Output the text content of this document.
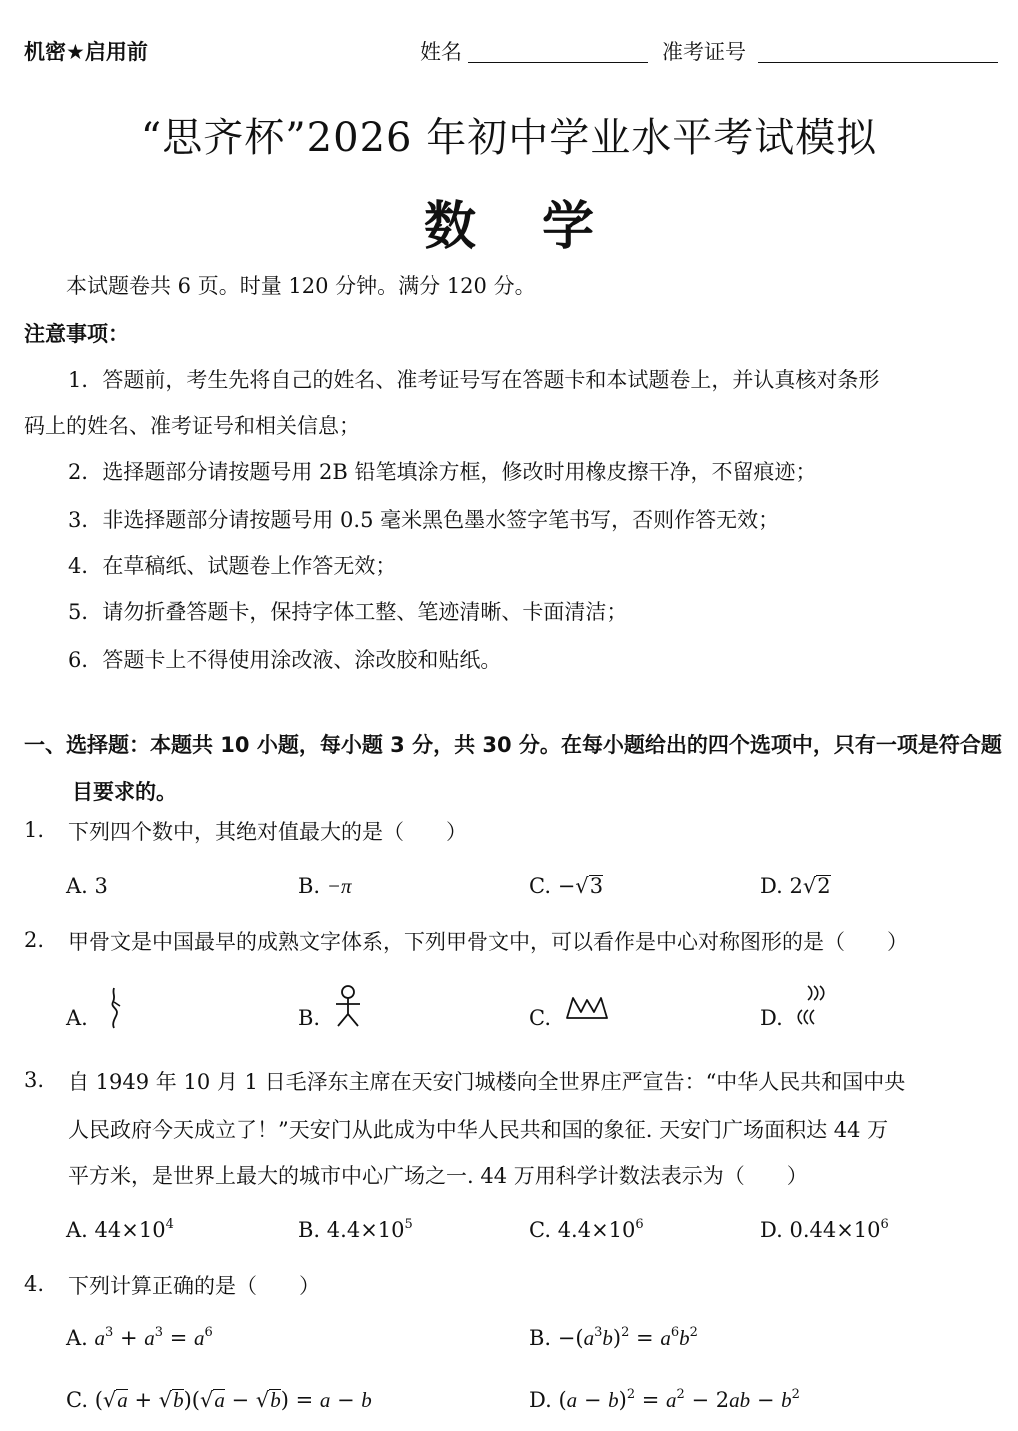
机密★启用前	姓名	准考证号
“思齐杯”2026 年初中学业水平考试模拟
数学
本试题卷共 6 页。时量 120 分钟。满分 120 分。
注意事项：
1．答题前，考生先将自己的姓名、准考证号写在答题卡和本试题卷上，并认真核对条形
码上的姓名、准考证号和相关信息；
2．选择题部分请按题号用 2B 铅笔填涂方框，修改时用橡皮擦干净，不留痕迹；
3．非选择题部分请按题号用 0.5 毫米黑色墨水签字笔书写，否则作答无效；
4．在草稿纸、试题卷上作答无效；
5．请勿折叠答题卡，保持字体工整、笔迹清晰、卡面清洁；
6．答题卡上不得使用涂改液、涂改胶和贴纸。
一、选择题：本题共 10 小题，每小题 3 分，共 30 分。在每小题给出的四个选项中，只有一项是符合题目要求的。
1. 下列四个数中，其绝对值最大的是（　　）
A. 3	B. −π	C. −√3	D. 2√2
2. 甲骨文是中国最早的成熟文字体系，下列甲骨文中，可以看作是中心对称图形的是（　　）
A.	B.	C.	D.
3. 自 1949 年 10 月 1 日毛泽东主席在天安门城楼向全世界庄严宣告：“中华人民共和国中央
人民政府今天成立了！”天安门从此成为中华人民共和国的象征. 天安门广场面积达 44 万
平方米，是世界上最大的城市中心广场之一. 44 万用科学计数法表示为（　　）
A. $44\times 10^4$	B. $4.4\times 10^5$	C. $4.4\times 10^6$	D. $0.44\times 10^6$
4. 下列计算正确的是（　　）
A. $a^3 + a^3 = a^6$	B. $-(a^3b)^2 = a^6b^2$
C. (√a + √b)(√a − √b) = a − b	D. $(a - b)^2 = a^2 - 2ab - b^2$
